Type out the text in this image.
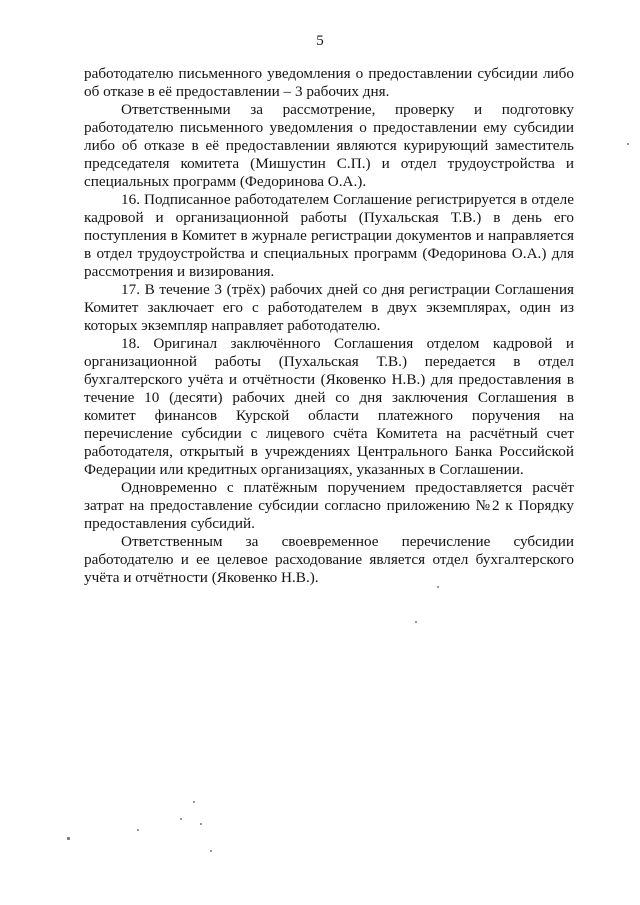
5

работодателю письменного уведомления о предоставлении субсидии либо об отказе в её предоставлении – 3 рабочих дня.

Ответственными за рассмотрение, проверку и подготовку работодателю письменного уведомления о предоставлении ему субсидии либо об отказе в её предоставлении являются курирующий заместитель председателя комитета (Мишустин С.П.) и отдел трудоустройства и специальных программ (Федоринова О.А.).

16. Подписанное работодателем Соглашение регистрируется в отделе кадровой и организационной работы (Пухальская Т.В.) в день его поступления в Комитет в журнале регистрации документов и направляется в отдел трудоустройства и специальных программ (Федоринова О.А.) для рассмотрения и визирования.

17. В течение 3 (трёх) рабочих дней со дня регистрации Соглашения Комитет заключает его с работодателем в двух экземплярах, один из которых экземпляр направляет работодателю.

18. Оригинал заключённого Соглашения отделом кадровой и организационной работы (Пухальская Т.В.) передается в отдел бухгалтерского учёта и отчётности (Яковенко Н.В.) для предоставления в течение 10 (десяти) рабочих дней со дня заключения Соглашения в комитет финансов Курской области платежного поручения на перечисление субсидии с лицевого счёта Комитета на расчётный счет работодателя, открытый в учреждениях Центрального Банка Российской Федерации или кредитных организациях, указанных в Соглашении.

Одновременно с платёжным поручением предоставляется расчёт затрат на предоставление субсидии согласно приложению №2 к Порядку предоставления субсидий.

Ответственным за своевременное перечисление субсидии работодателю и ее целевое расходование является отдел бухгалтерского учёта и отчётности (Яковенко Н.В.).
